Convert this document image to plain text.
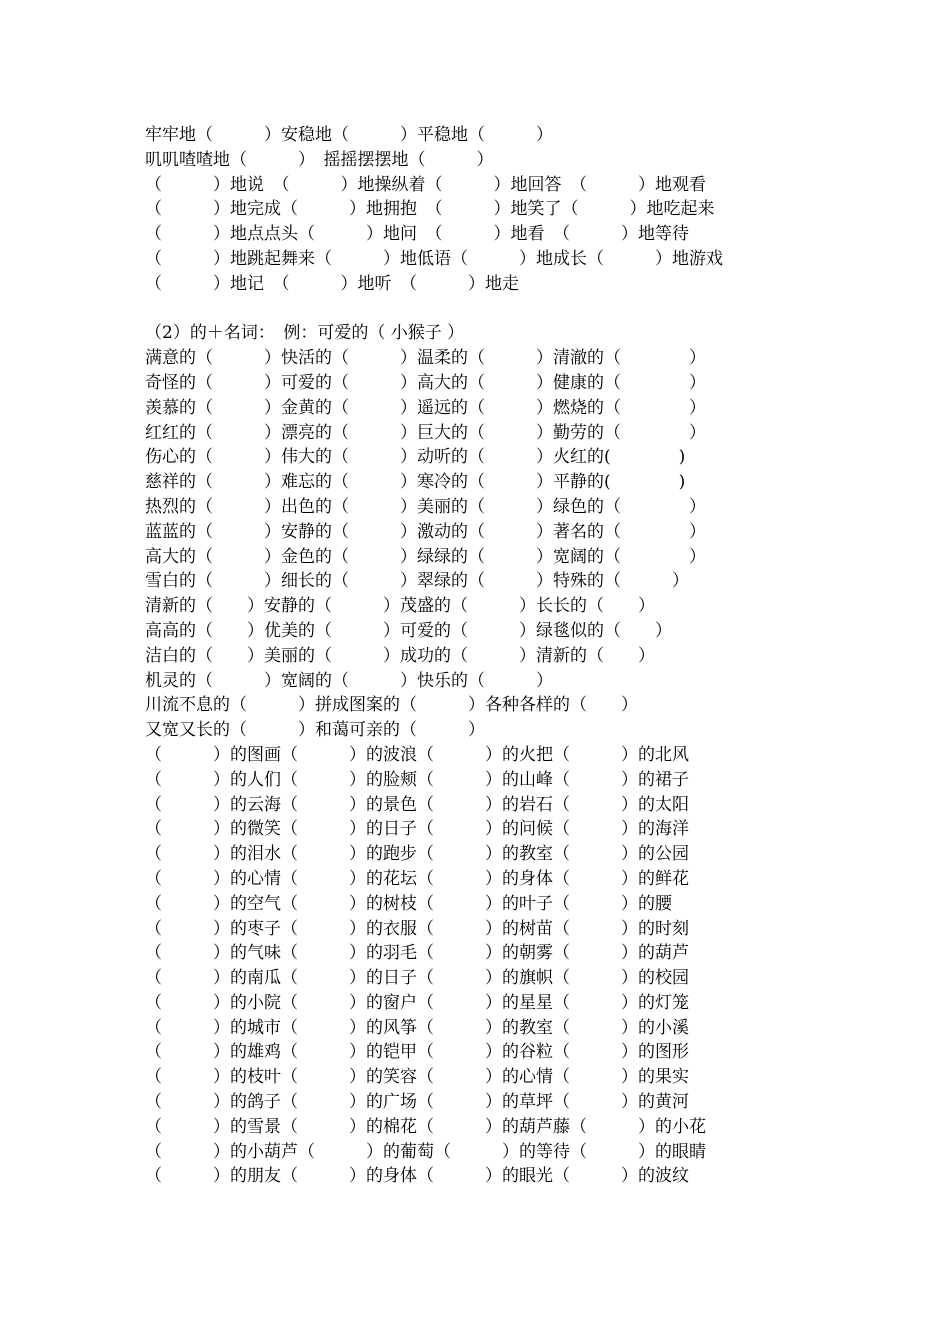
牢牢地（　　　）安稳地（　　　）平稳地（　　　）
叽叽喳喳地（　　　）　摇摇摆摆地（　　　）
（　　　）地说　（　　　）地操纵着（　　　）地回答　（　　　）地观看
（　　　）地完成（　　　）地拥抱　（　　　）地笑了（　　　）地吃起来
（　　　）地点点头（　　　）地问　（　　　）地看　（　　　）地等待
（　　　）地跳起舞来（　　　）地低语（　　　）地成长（　　　）地游戏
（　　　）地记　（　　　）地听　（　　　）地走
（2）的＋名词：　例：可爱的（ 小猴子 ）
满意的（　　　）快活的（　　　）温柔的（　　　）清澈的（　　　　）
奇怪的（　　　）可爱的（　　　）高大的（　　　）健康的（　　　　）
羡慕的（　　　）金黄的（　　　）遥远的（　　　）燃烧的（　　　　）
红红的（　　　）漂亮的（　　　）巨大的（　　　）勤劳的（　　　　）
伤心的（　　　）伟大的（　　　）动听的（　　　）火红的(　　　　)
慈祥的（　　　）难忘的（　　　）寒冷的（　　　）平静的(　　　　)
热烈的（　　　）出色的（　　　）美丽的（　　　）绿色的（　　　　）
蓝蓝的（　　　）安静的（　　　）激动的（　　　）著名的（　　　　）
高大的（　　　）金色的（　　　）绿绿的（　　　）宽阔的（　　　　）
雪白的（　　　）细长的（　　　）翠绿的（　　　）特殊的（　　　）
清新的（　　）安静的（　　　）茂盛的（　　　）长长的（　　）
高高的（　　）优美的（　　　）可爱的（　　　）绿毯似的（　　）
洁白的（　　）美丽的（　　　）成功的（　　　）清新的（　　）
机灵的（　　　）宽阔的（　　　）快乐的（　　　）
川流不息的（　　　）拼成图案的（　　　）各种各样的（　　）
又宽又长的（　　　）和蔼可亲的（　　　）
（　　　）的图画（　　　）的波浪（　　　）的火把（　　　）的北风
（　　　）的人们（　　　）的脸颊（　　　）的山峰（　　　）的裙子
（　　　）的云海（　　　）的景色（　　　）的岩石（　　　）的太阳
（　　　）的微笑（　　　）的日子（　　　）的问候（　　　）的海洋
（　　　）的泪水（　　　）的跑步（　　　）的教室（　　　）的公园
（　　　）的心情（　　　）的花坛（　　　）的身体（　　　）的鲜花
（　　　）的空气（　　　）的树枝（　　　）的叶子（　　　）的腰
（　　　）的枣子（　　　）的衣服（　　　）的树苗（　　　）的时刻
（　　　）的气味（　　　）的羽毛（　　　）的朝雾（　　　）的葫芦
（　　　）的南瓜（　　　）的日子（　　　）的旗帜（　　　）的校园
（　　　）的小院（　　　）的窗户（　　　）的星星（　　　）的灯笼
（　　　）的城市（　　　）的风筝（　　　）的教室（　　　）的小溪
（　　　）的雄鸡（　　　）的铠甲（　　　）的谷粒（　　　）的图形
（　　　）的枝叶（　　　）的笑容（　　　）的心情（　　　）的果实
（　　　）的鸽子（　　　）的广场（　　　）的草坪（　　　）的黄河
（　　　）的雪景（　　　）的棉花（　　　）的葫芦藤（　　　）的小花
（　　　）的小葫芦（　　　）的葡萄（　　　）的等待（　　　）的眼睛
（　　　）的朋友（　　　）的身体（　　　）的眼光（　　　）的波纹
